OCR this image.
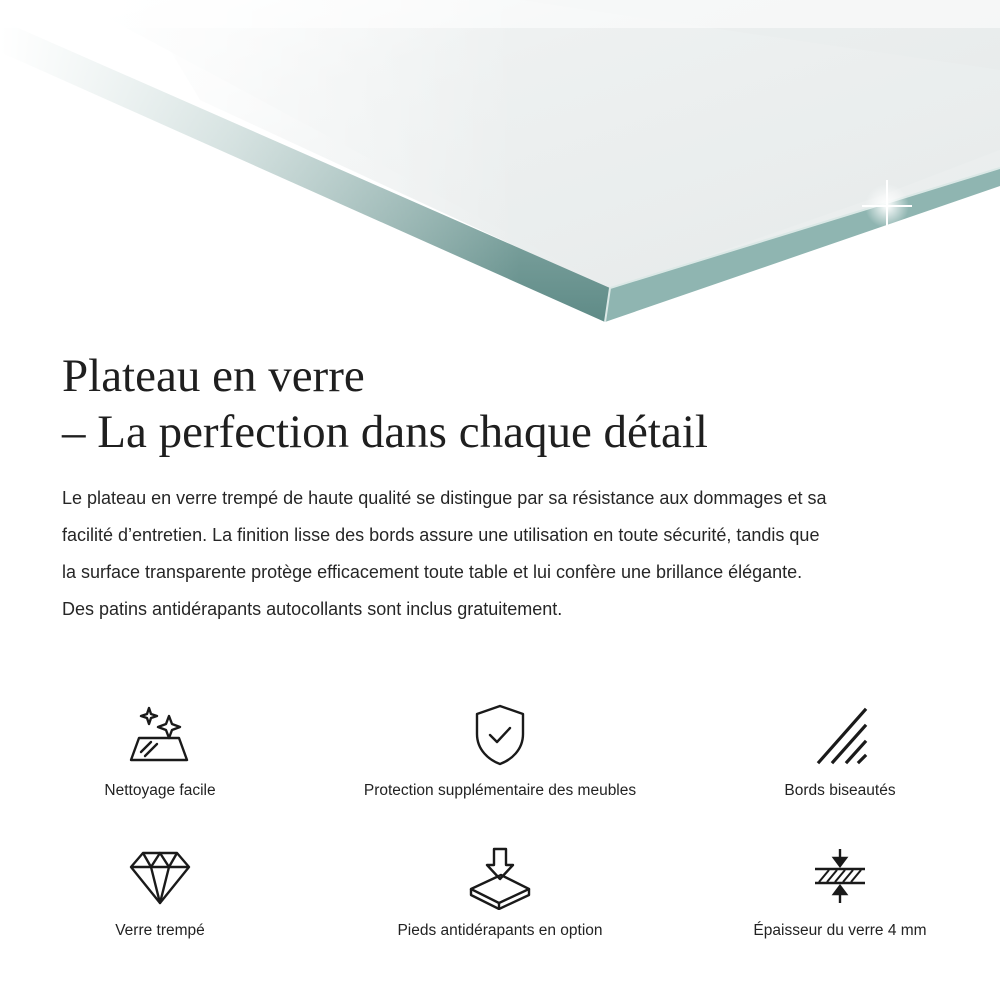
Plateau en verre
– La perfection dans chaque détail
Le plateau en verre trempé de haute qualité se distingue par sa résistance aux dommages et sa
facilité d’entretien. La finition lisse des bords assure une utilisation en toute sécurité, tandis que
la surface transparente protège efficacement toute table et lui confère une brillance élégante.
Des patins antidérapants autocollants sont inclus gratuitement.
Nettoyage facile	Protection supplémentaire des meubles	Bords biseautés
Verre trempé	Pieds antidérapants en option	Épaisseur du verre 4 mm
